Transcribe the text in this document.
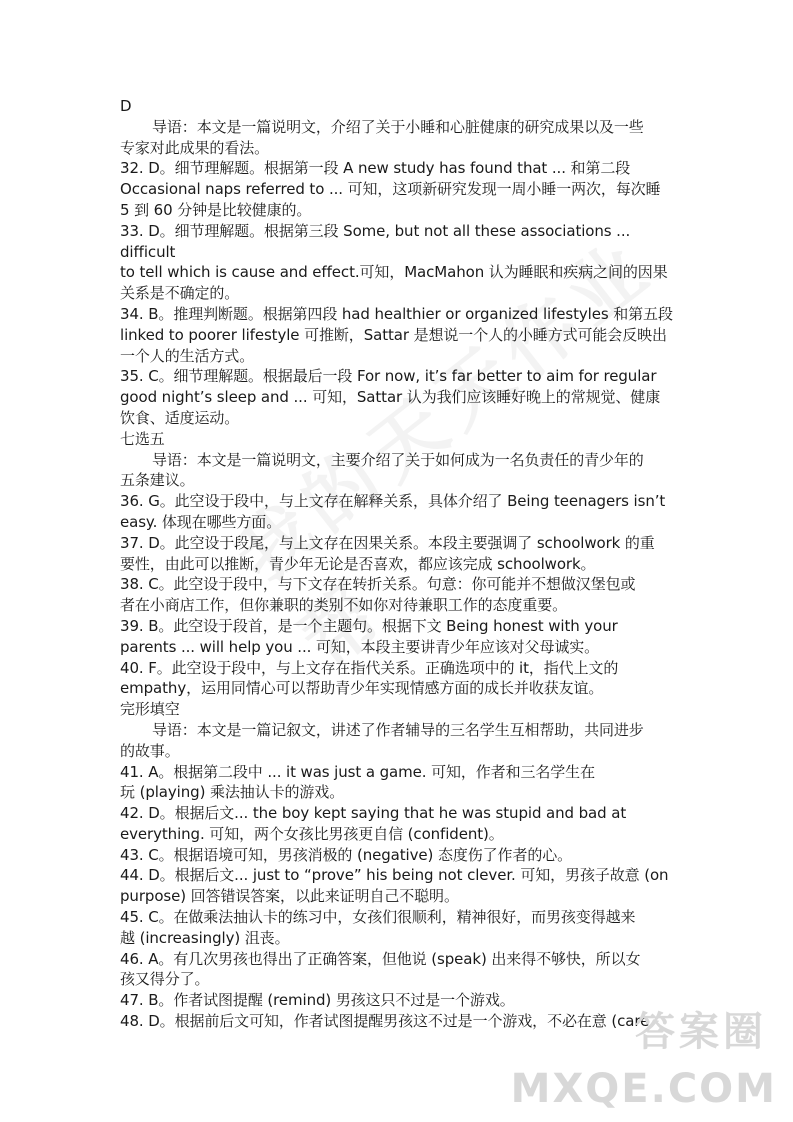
D
导语：本文是一篇说明文，介绍了关于小睡和心脏健康的研究成果以及一些
专家对此成果的看法。
32. D。细节理解题。根据第一段 A new study has found that ... 和第二段
Occasional naps referred to ... 可知，这项新研究发现一周小睡一两次，每次睡
5 到 60 分钟是比较健康的。
33. D。细节理解题。根据第三段 Some, but not all these associations ... difficult
to tell which is cause and effect.可知，MacMahon 认为睡眠和疾病之间的因果
关系是不确定的。
34. B。推理判断题。根据第四段 had healthier or organized lifestyles 和第五段
linked to poorer lifestyle 可推断，Sattar 是想说一个人的小睡方式可能会反映出
一个人的生活方式。
35. C。细节理解题。根据最后一段 For now, it’s far better to aim for regular
good night’s sleep and ... 可知，Sattar 认为我们应该睡好晚上的常规觉、健康
饮食、适度运动。
七选五
导语：本文是一篇说明文，主要介绍了关于如何成为一名负责任的青少年的
五条建议。
36. G。此空设于段中，与上文存在解释关系，具体介绍了 Being teenagers isn’t
easy. 体现在哪些方面。
37. D。此空设于段尾，与上文存在因果关系。本段主要强调了 schoolwork 的重
要性，由此可以推断，青少年无论是否喜欢，都应该完成 schoolwork。
38. C。此空设于段中，与下文存在转折关系。句意：你可能并不想做汉堡包或
者在小商店工作，但你兼职的类别不如你对待兼职工作的态度重要。
39. B。此空设于段首，是一个主题句。根据下文 Being honest with your
parents ... will help you ... 可知，本段主要讲青少年应该对父母诚实。
40. F。此空设于段中，与上文存在指代关系。正确选项中的 it，指代上文的
empathy，运用同情心可以帮助青少年实现情感方面的成长并收获友谊。
完形填空
导语：本文是一篇记叙文，讲述了作者辅导的三名学生互相帮助，共同进步
的故事。
41. A。根据第二段中 ... it was just a game. 可知，作者和三名学生在
玩 (playing) 乘法抽认卡的游戏。
42. D。根据后文... the boy kept saying that he was stupid and bad at
everything. 可知，两个女孩比男孩更自信 (confident)。
43. C。根据语境可知，男孩消极的 (negative) 态度伤了作者的心。
44. D。根据后文... just to “prove” his being not clever. 可知，男孩子故意 (on
purpose) 回答错误答案，以此来证明自己不聪明。
45. C。在做乘法抽认卡的练习中，女孩们很顺利，精神很好，而男孩变得越来
越 (increasingly) 沮丧。
46. A。有几次男孩也得出了正确答案，但他说 (speak) 出来得不够快，所以女
孩又得分了。
47. B。作者试图提醒 (remind) 男孩这只不过是一个游戏。
48. D。根据前后文可知，作者试图提醒男孩这不过是一个游戏，不必在意 (care
答案圈
MXQE.COM
